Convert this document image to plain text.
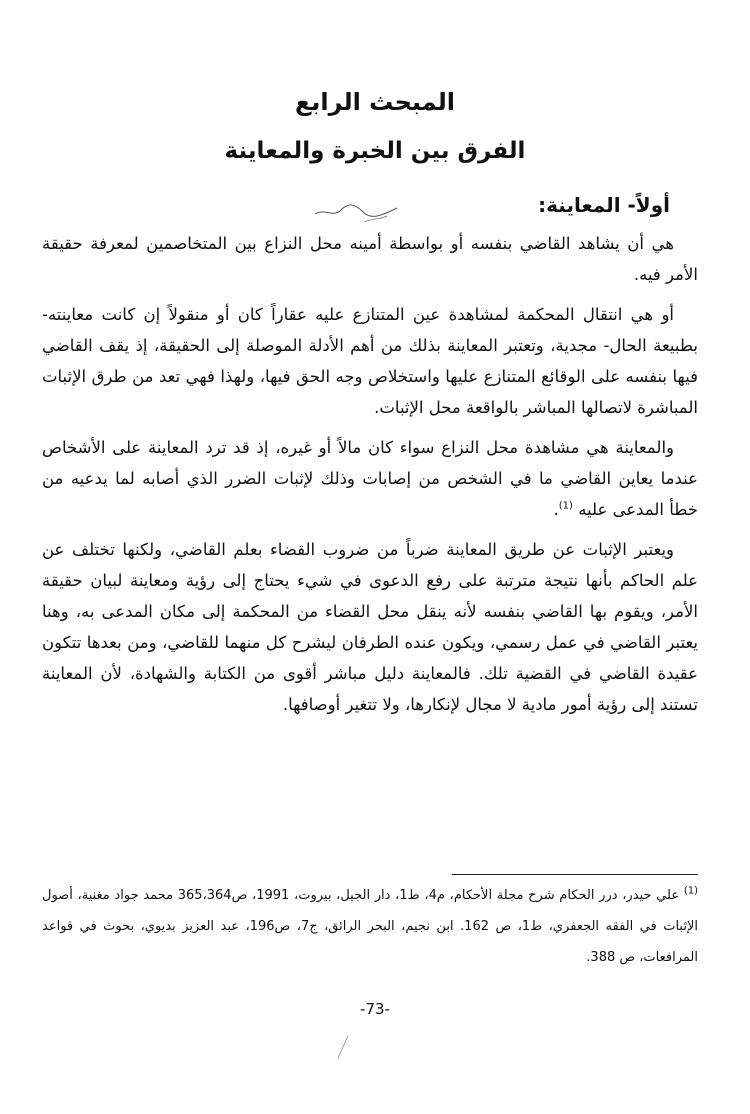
المبحث الرابع
الفرق بين الخبرة والمعاينة
أولاً- المعاينة:

هي أن يشاهد القاضي بنفسه أو بواسطة أمينه محل النزاع بين المتخاصمين لمعرفة حقيقة الأمر فيه.

أو هي انتقال المحكمة لمشاهدة عين المتنازع عليه عقاراً كان أو منقولاً إن كانت معاينته- بطبيعة الحال- مجدية، وتعتبر المعاينة بذلك من أهم الأدلة الموصلة إلى الحقيقة، إذ يقف القاضي فيها بنفسه على الوقائع المتنازع عليها واستخلاص وجه الحق فيها، ولهذا فهي تعد من طرق الإثبات المباشرة لاتصالها المباشر بالواقعة محل الإثبات.

والمعاينة هي مشاهدة محل النزاع سواء كان مالاً أو غيره، إذ قد ترد المعاينة على الأشخاص عندما يعاين القاضي ما في الشخص من إصابات وذلك لإثبات الضرر الذي أصابه لما يدعيه من خطأ المدعى عليه $^{(1)}$.

ويعتبر الإثبات عن طريق المعاينة ضرباً من ضروب القضاء بعلم القاضي، ولكنها تختلف عن علم الحاكم بأنها نتيجة مترتبة على رفع الدعوى في شيء يحتاج إلى رؤية ومعاينة لبيان حقيقة الأمر، ويقوم بها القاضي بنفسه لأنه ينقل محل القضاء من المحكمة إلى مكان المدعى به، وهنا يعتبر القاضي في عمل رسمي، ويكون عنده الطرفان ليشرح كل منهما للقاضي، ومن بعدها تتكون عقيدة القاضي في القضية تلك. فالمعاينة دليل مباشر أقوى من الكتابة والشهادة، لأن المعاينة تستند إلى رؤية أمور مادية لا مجال لإنكارها، ولا تتغير أوصافها.

$^{(1)}$ علي حيدر، درر الحكام شرح مجلة الأحكام، م4، ط1، دار الجيل، بيروت، 1991، ص365،364 محمد جواد مغنية، أصول الإثبات في الفقه الجعفري، ط1، ص 162. ابن نجيم، البحر الرائق، ج7، ص196، عبد العزيز بديوي، بحوث في قواعد المرافعات، ص 388.
-73-
